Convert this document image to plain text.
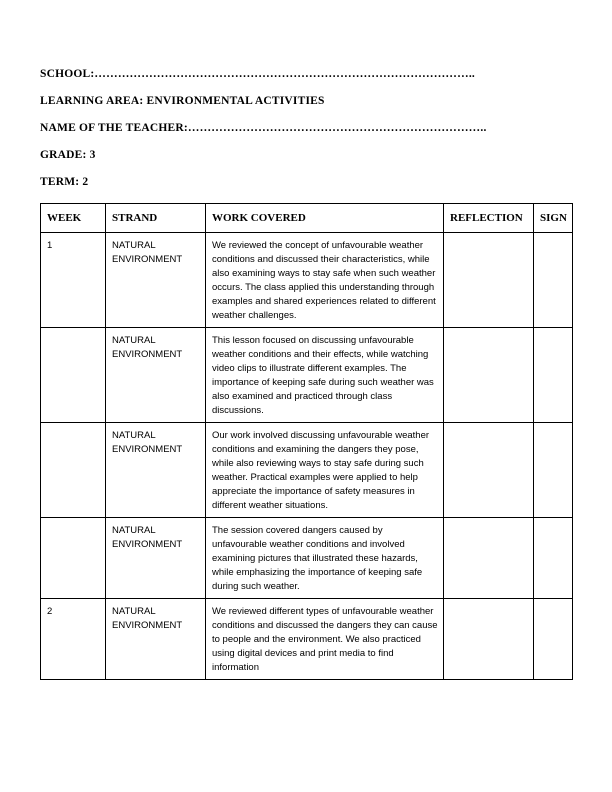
SCHOOL:……………………………………………………………………………………..

LEARNING AREA: ENVIRONMENTAL ACTIVITIES

NAME OF THE TEACHER:…………………………………………………………………..

GRADE: 3

TERM: 2

WEEK	STRAND	WORK COVERED	REFLECTION	SIGN
1	NATURAL ENVIRONMENT	We reviewed the concept of unfavourable weather conditions and discussed their characteristics, while also examining ways to stay safe when such weather occurs. The class applied this understanding through examples and shared experiences related to different weather challenges.		
	NATURAL ENVIRONMENT	This lesson focused on discussing unfavourable weather conditions and their effects, while watching video clips to illustrate different examples. The importance of keeping safe during such weather was also examined and practiced through class discussions.		
	NATURAL ENVIRONMENT	Our work involved discussing unfavourable weather conditions and examining the dangers they pose, while also reviewing ways to stay safe during such weather. Practical examples were applied to help appreciate the importance of safety measures in different weather situations.		
	NATURAL ENVIRONMENT	The session covered dangers caused by unfavourable weather conditions and involved examining pictures that illustrated these hazards, while emphasizing the importance of keeping safe during such weather.		
2	NATURAL ENVIRONMENT	We reviewed different types of unfavourable weather conditions and discussed the dangers they can cause to people and the environment. We also practiced using digital devices and print media to find information		
